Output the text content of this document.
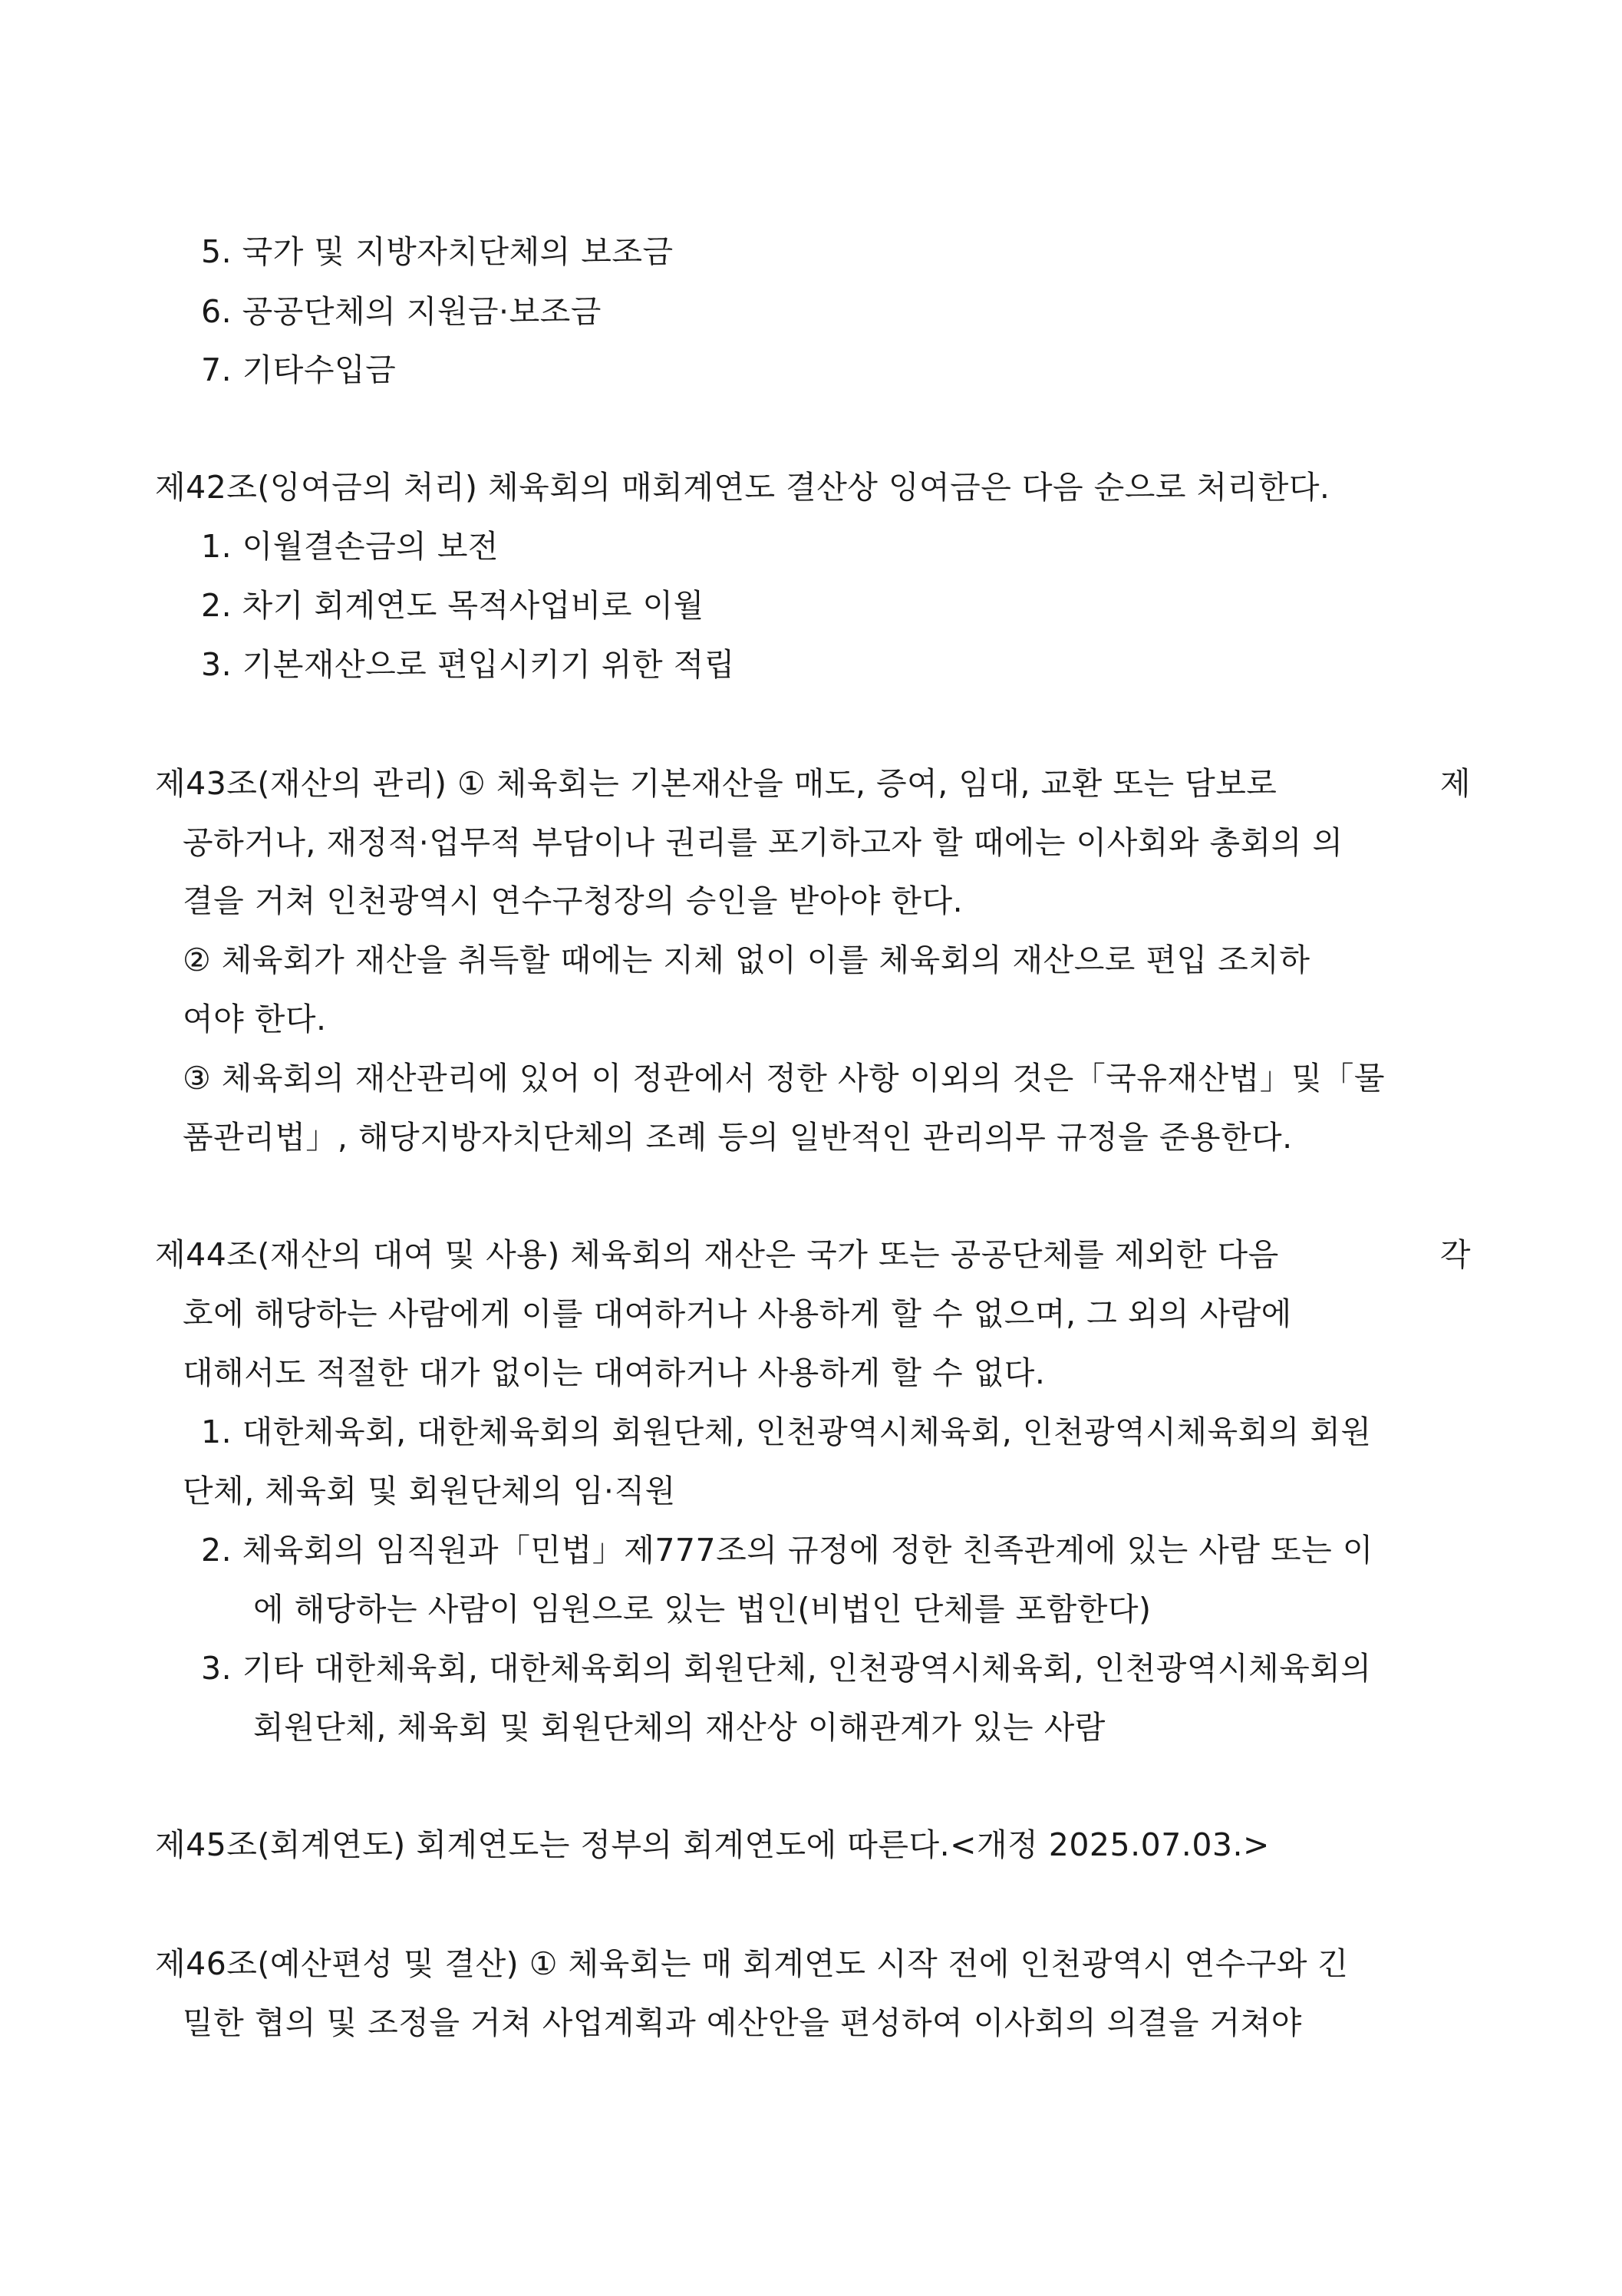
5. 국가 및 지방자치단체의 보조금
6. 공공단체의 지원금·보조금
7. 기타수입금
제42조(잉여금의 처리) 체육회의 매회계연도 결산상 잉여금은 다음 순으로 처리한다.
1. 이월결손금의 보전
2. 차기 회계연도 목적사업비로 이월
3. 기본재산으로 편입시키기 위한 적립
제43조(재산의 관리) ① 체육회는 기본재산을 매도, 증여, 임대, 교환 또는 담보로	제
공하거나, 재정적·업무적 부담이나 권리를 포기하고자 할 때에는 이사회와 총회의 의
결을 거쳐 인천광역시 연수구청장의 승인을 받아야 한다.
② 체육회가 재산을 취득할 때에는 지체 없이 이를 체육회의 재산으로 편입 조치하
여야 한다.
③ 체육회의 재산관리에 있어 이 정관에서 정한 사항 이외의 것은「국유재산법」및「물
품관리법」, 해당지방자치단체의 조례 등의 일반적인 관리의무 규정을 준용한다.
제44조(재산의 대여 및 사용) 체육회의 재산은 국가 또는 공공단체를 제외한 다음	각
호에 해당하는 사람에게 이를 대여하거나 사용하게 할 수 없으며, 그 외의 사람에
대해서도 적절한 대가 없이는 대여하거나 사용하게 할 수 없다.
1. 대한체육회, 대한체육회의 회원단체, 인천광역시체육회, 인천광역시체육회의 회원
단체, 체육회 및 회원단체의 임·직원
2. 체육회의 임직원과「민법」제777조의 규정에 정한 친족관계에 있는 사람 또는 이
에 해당하는 사람이 임원으로 있는 법인(비법인 단체를 포함한다)
3. 기타 대한체육회, 대한체육회의 회원단체, 인천광역시체육회, 인천광역시체육회의
회원단체, 체육회 및 회원단체의 재산상 이해관계가 있는 사람
제45조(회계연도) 회계연도는 정부의 회계연도에 따른다.<개정 2025.07.03.>
제46조(예산편성 및 결산) ① 체육회는 매 회계연도 시작 전에 인천광역시 연수구와 긴
밀한 협의 및 조정을 거쳐 사업계획과 예산안을 편성하여 이사회의 의결을 거쳐야
